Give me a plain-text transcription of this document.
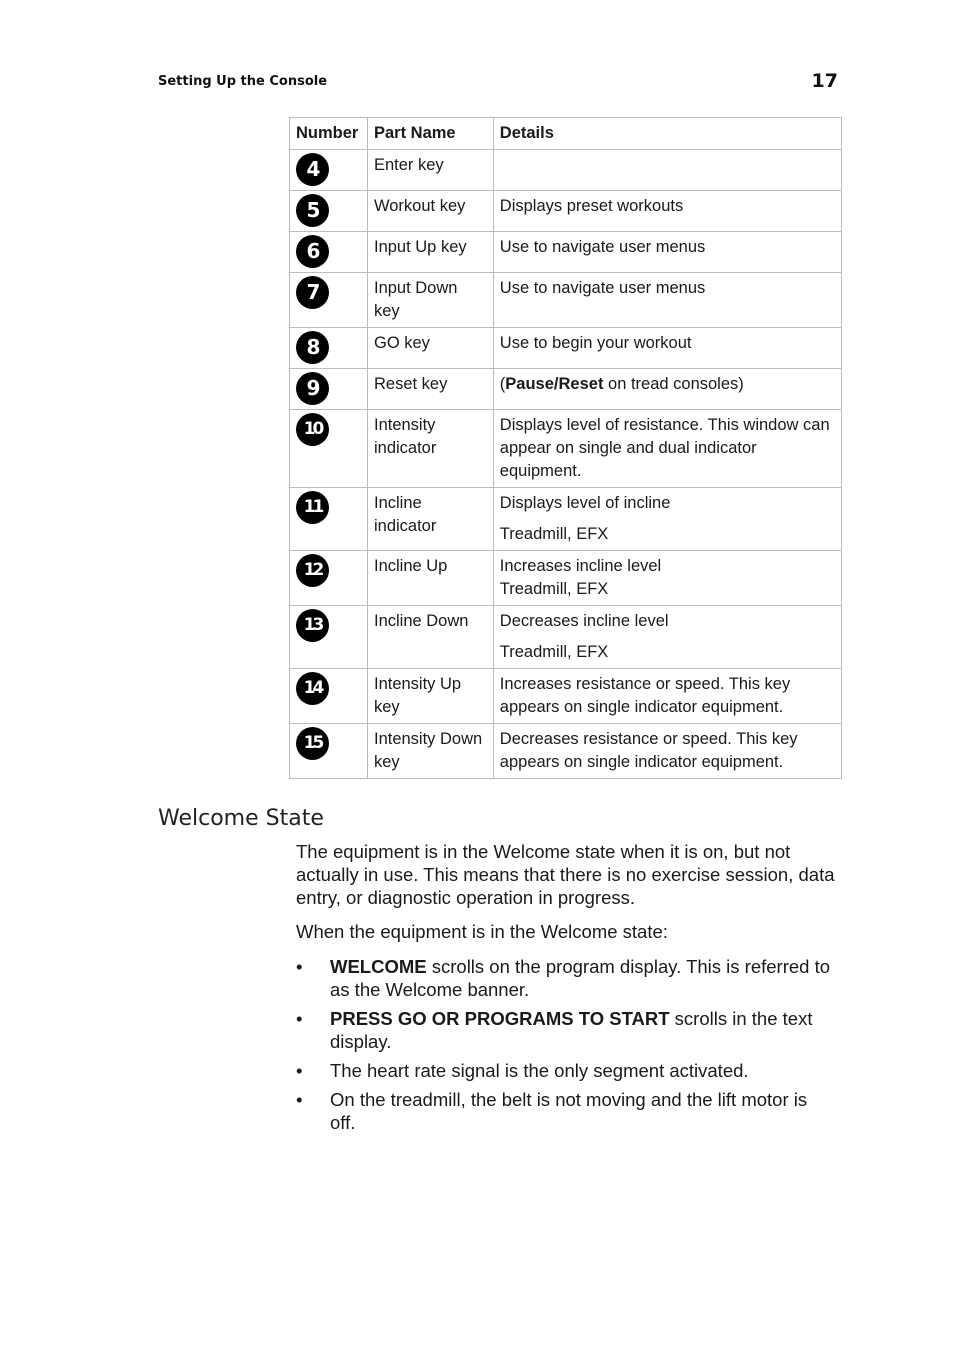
Setting Up the Console	17
Number	Part Name	Details
4	Enter key	

5	Workout key	Displays preset workouts

6	Input Up key	Use to navigate user menus

7	Input Down key	Use to navigate user menus

8	GO key	Use to begin your workout

9	Reset key	(Pause/Reset on tread consoles)

10	Intensity indicator	Displays level of resistance. This window can appear on single and dual indicator equipment.

11	Incline indicator	Displays level of incline
Treadmill, EFX

12	Incline Up	Increases incline level
Treadmill, EFX

13	Incline Down	Decreases incline level
Treadmill, EFX

14	Intensity Up key	Increases resistance or speed. This key appears on single indicator equipment.

15	Intensity Down key	Decreases resistance or speed. This key appears on single indicator equipment.
Welcome State

The equipment is in the Welcome state when it is on, but not actually in use. This means that there is no exercise session, data entry, or diagnostic operation in progress.

When the equipment is in the Welcome state:

• WELCOME scrolls on the program display. This is referred to as the Welcome banner.
• PRESS GO OR PROGRAMS TO START scrolls in the text display.
• The heart rate signal is the only segment activated.
• On the treadmill, the belt is not moving and the lift motor is off.
